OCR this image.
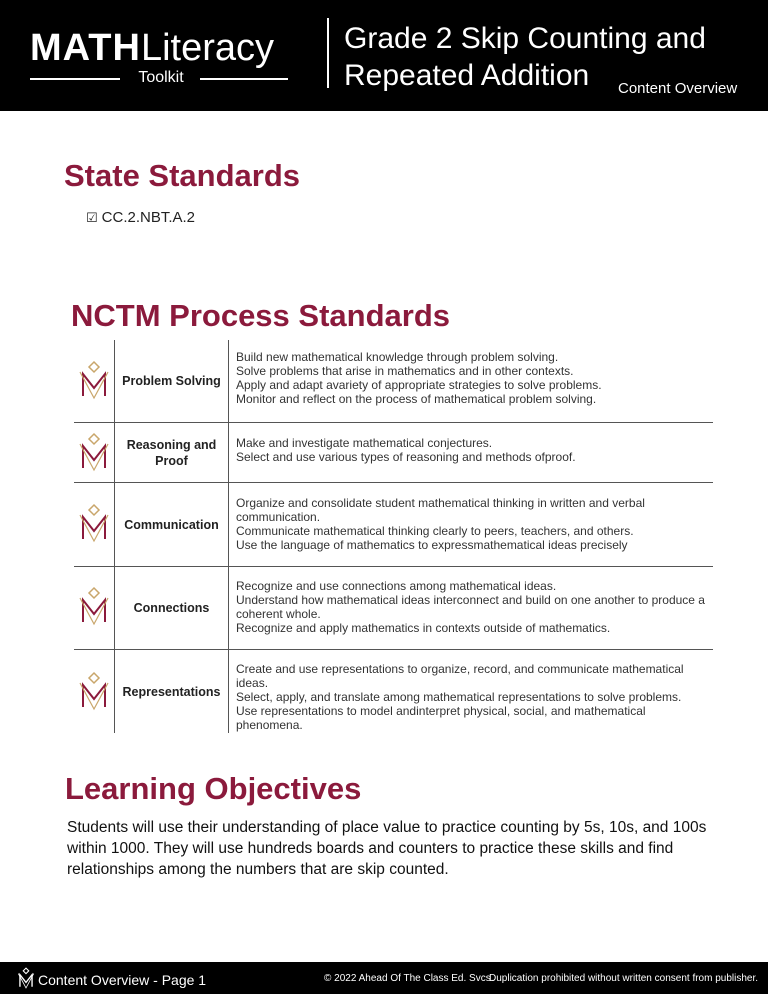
MATHLiteracy
Toolkit
Grade 2 Skip Counting and
Repeated Addition	Content Overview
State Standards
☑ CC.2.NBT.A.2
NCTM Process Standards
Problem Solving
Build new mathematical knowledge through problem solving.
Solve problems that arise in mathematics and in other contexts.
Apply and adapt avariety of appropriate strategies to solve problems.
Monitor and reflect on the process of mathematical problem solving.
Reasoning and Proof
Make and investigate mathematical conjectures.
Select and use various types of reasoning and methods ofproof.
Communication
Organize and consolidate student mathematical thinking in written and verbal communication.
Communicate mathematical thinking clearly to peers, teachers, and others.
Use the language of mathematics to expressmathematical ideas precisely
Connections
Recognize and use connections among mathematical ideas.
Understand how mathematical ideas interconnect and build on one another to produce a coherent whole.
Recognize and apply mathematics in contexts outside of mathematics.
Representations
Create and use representations to organize, record, and communicate mathematical ideas.
Select, apply, and translate among mathematical representations to solve problems.
Use representations to model andinterpret physical, social, and mathematical phenomena.
Learning Objectives
Students will use their understanding of place value to practice counting by 5s, 10s, and 100s within 1000. They will use hundreds boards and counters to practice these skills and find relationships among the numbers that are skip counted.
Content Overview - Page 1	© 2022 Ahead Of The Class Ed. Svcs.
Duplication prohibited without written consent from publisher.
